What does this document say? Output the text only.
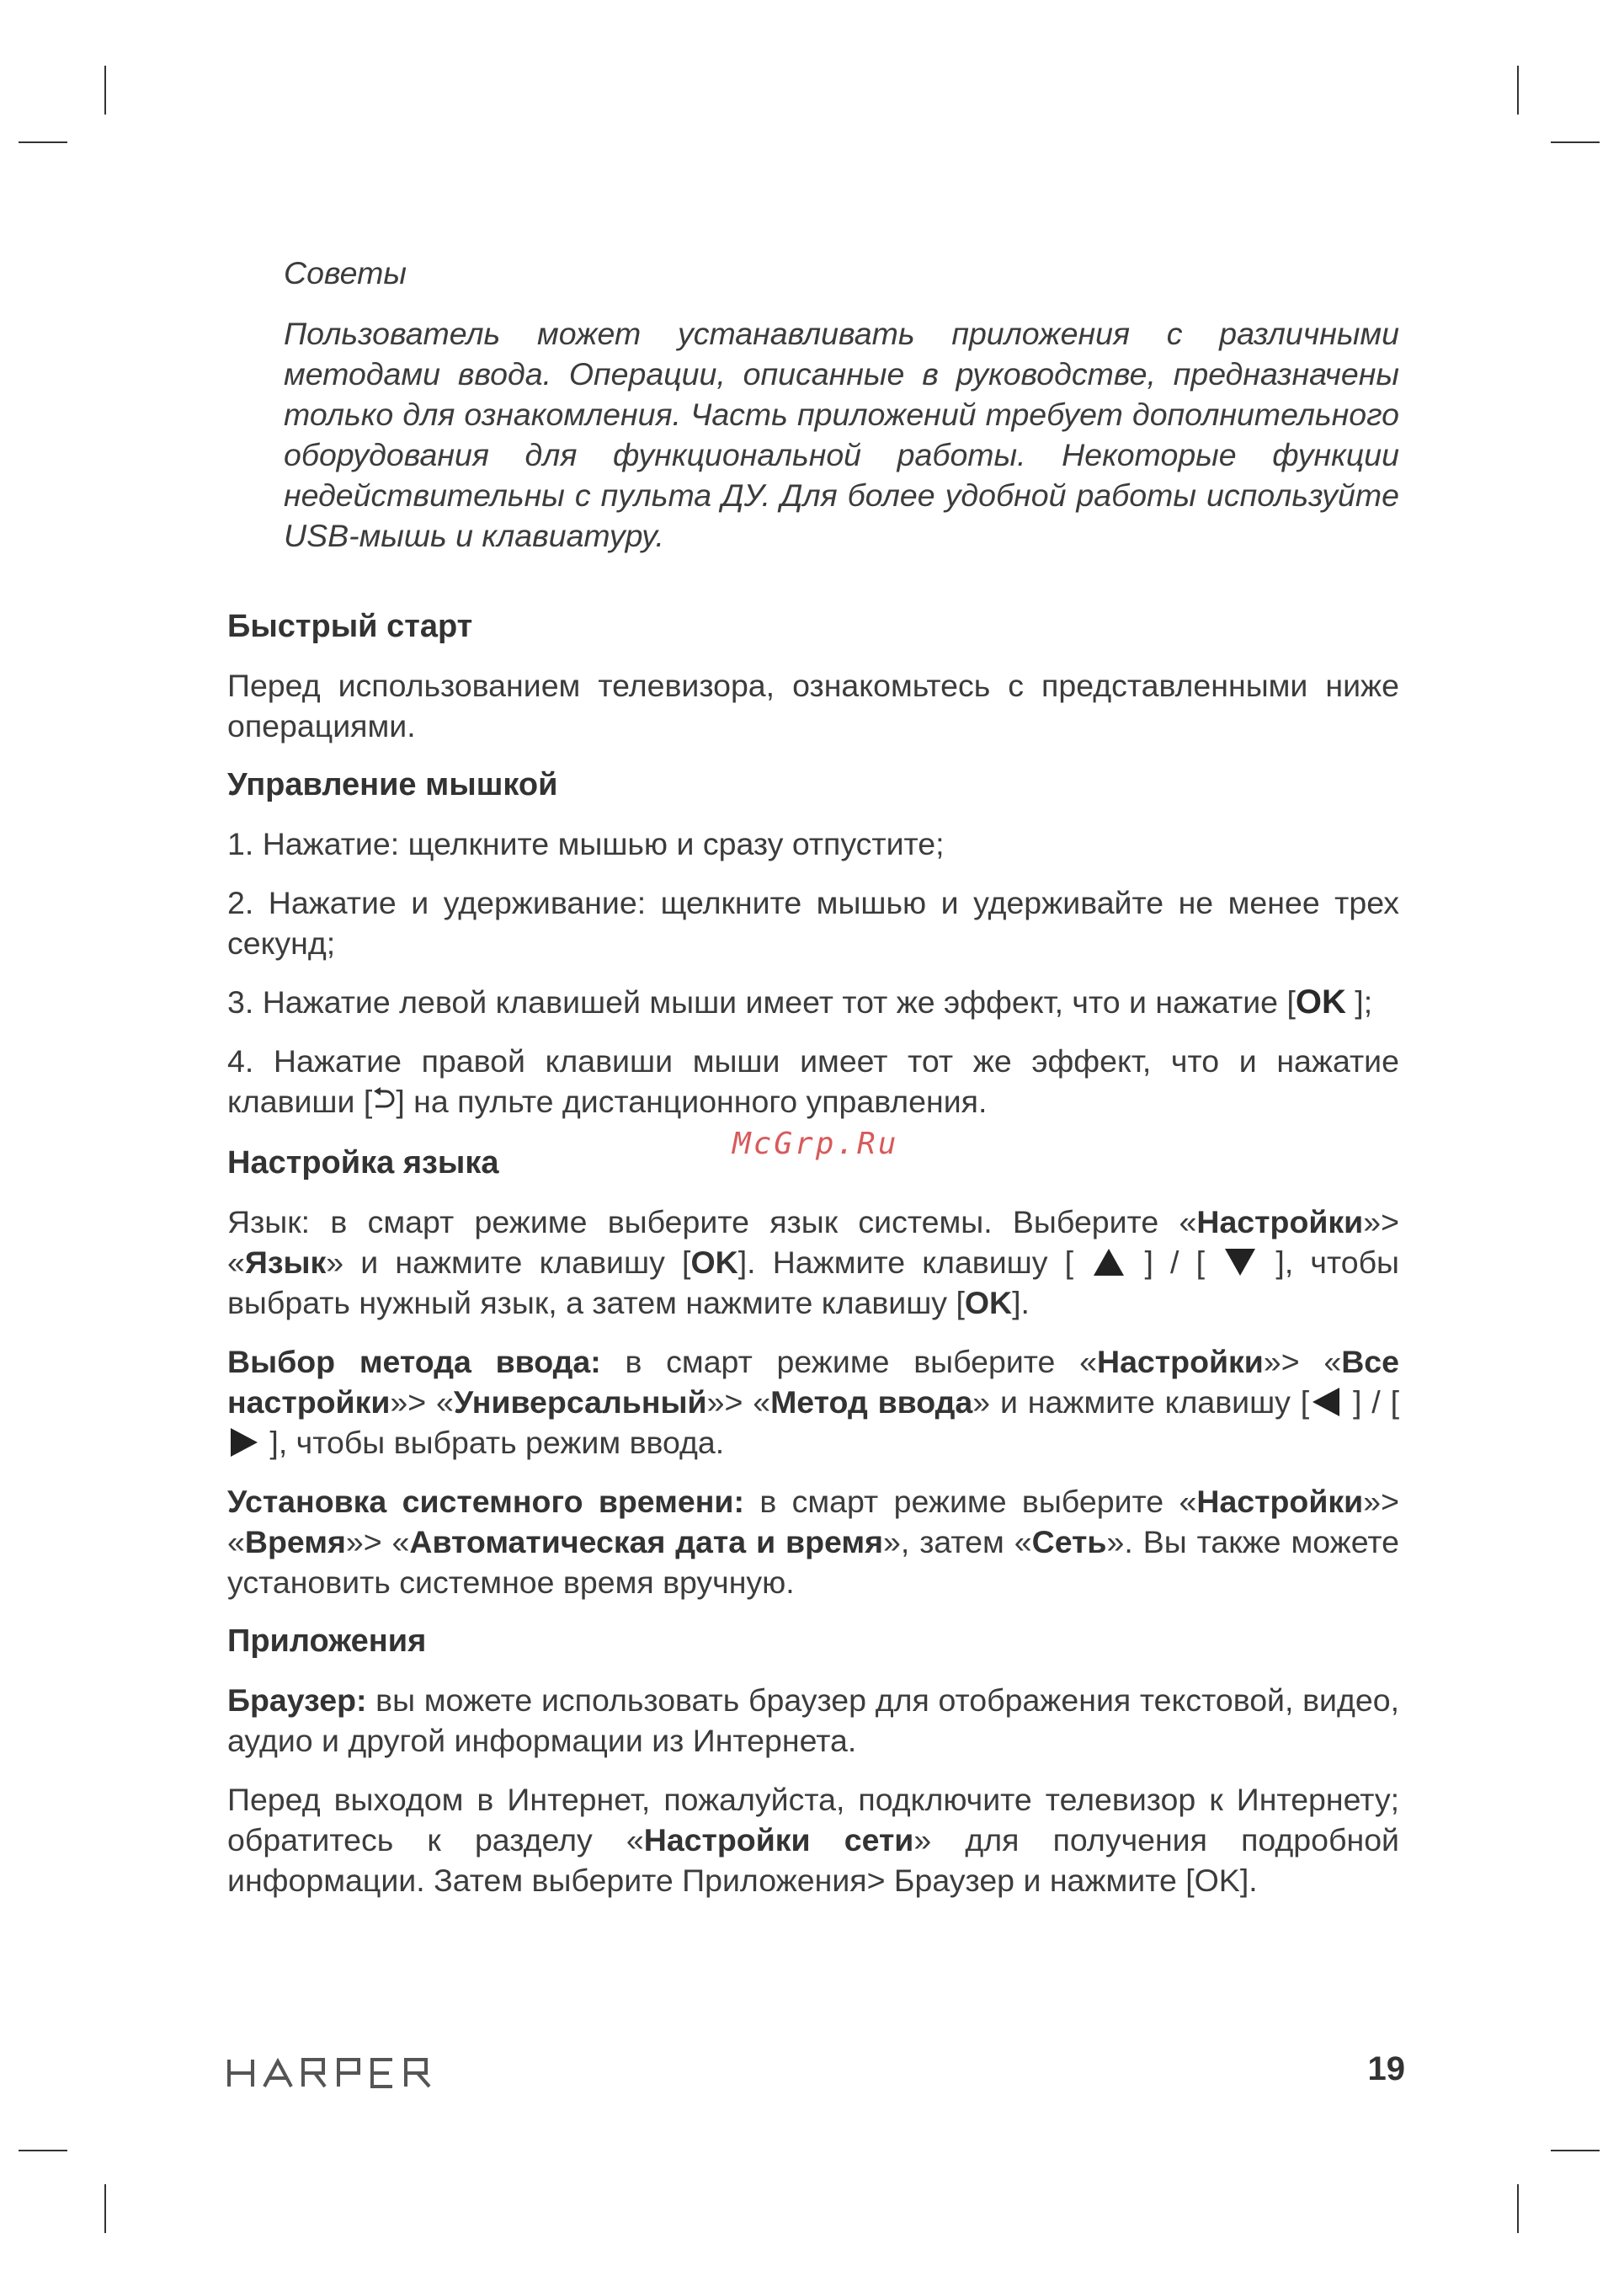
Советы

Пользователь может устанавливать приложения с различными методами ввода. Операции, описанные в руководстве, предназначены только для ознакомления. Часть приложений требует дополнительного оборудования для функциональной работы. Некоторые функции недействительны с пульта ДУ. Для более удобной работы используйте USB-мышь и клавиатуру.

Быстрый старт

Перед использованием телевизора, ознакомьтесь с представленными ниже операциями.

Управление мышкой

1. Нажатие: щелкните мышью и сразу отпустите;

2. Нажатие и удерживание: щелкните мышью и удерживайте не менее трех секунд;

3. Нажатие левой клавишей мыши имеет тот же эффект, что и нажатие [OK ];

4. Нажатие правой клавиши мыши имеет тот же эффект, что и нажатие клавиши [ ] на пульте дистанционного управления.

Настройка языка

Язык: в смарт режиме выберите язык системы. Выберите «Настройки»> «Язык» и нажмите клавишу [OK]. Нажмите клавишу [  ] / [  ], чтобы выбрать нужный язык, а затем нажмите клавишу [OK].

Выбор метода ввода: в смарт режиме выберите «Настройки»> «Все настройки»> «Универсальный»> «Метод ввода» и нажмите клавишу [ ] / [  ], чтобы выбрать режим ввода.

Установка системного времени: в смарт режиме выберите «Настройки»> «Время»> «Автоматическая дата и время», затем «Сеть». Вы также можете установить системное время вручную.

Приложения

Браузер: вы можете использовать браузер для отображения текстовой, видео, аудио и другой информации из Интернета.

Перед выходом в Интернет, пожалуйста, подключите телевизор к Интернету; обратитесь к разделу «Настройки сети» для получения подробной информации. Затем выберите Приложения> Браузер и нажмите [OK].

McGrp.Ru
19
